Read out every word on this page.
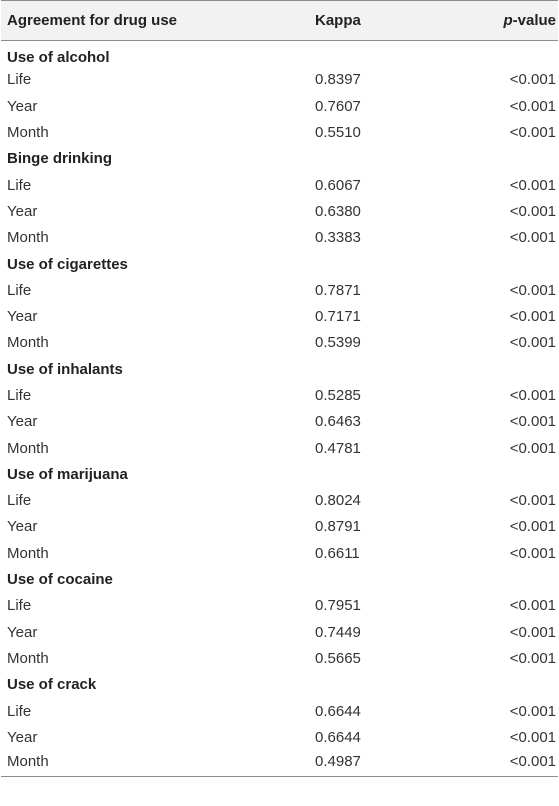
Agreement for drug use	Kappa	p-value
Use of alcohol		
Life	0.8397	<0.001
Year	0.7607	<0.001
Month	0.5510	<0.001
Binge drinking		
Life	0.6067	<0.001
Year	0.6380	<0.001
Month	0.3383	<0.001
Use of cigarettes		
Life	0.7871	<0.001
Year	0.7171	<0.001
Month	0.5399	<0.001
Use of inhalants		
Life	0.5285	<0.001
Year	0.6463	<0.001
Month	0.4781	<0.001
Use of marijuana		
Life	0.8024	<0.001
Year	0.8791	<0.001
Month	0.6611	<0.001
Use of cocaine		
Life	0.7951	<0.001
Year	0.7449	<0.001
Month	0.5665	<0.001
Use of crack		
Life	0.6644	<0.001
Year	0.6644	<0.001
Month	0.4987	<0.001
